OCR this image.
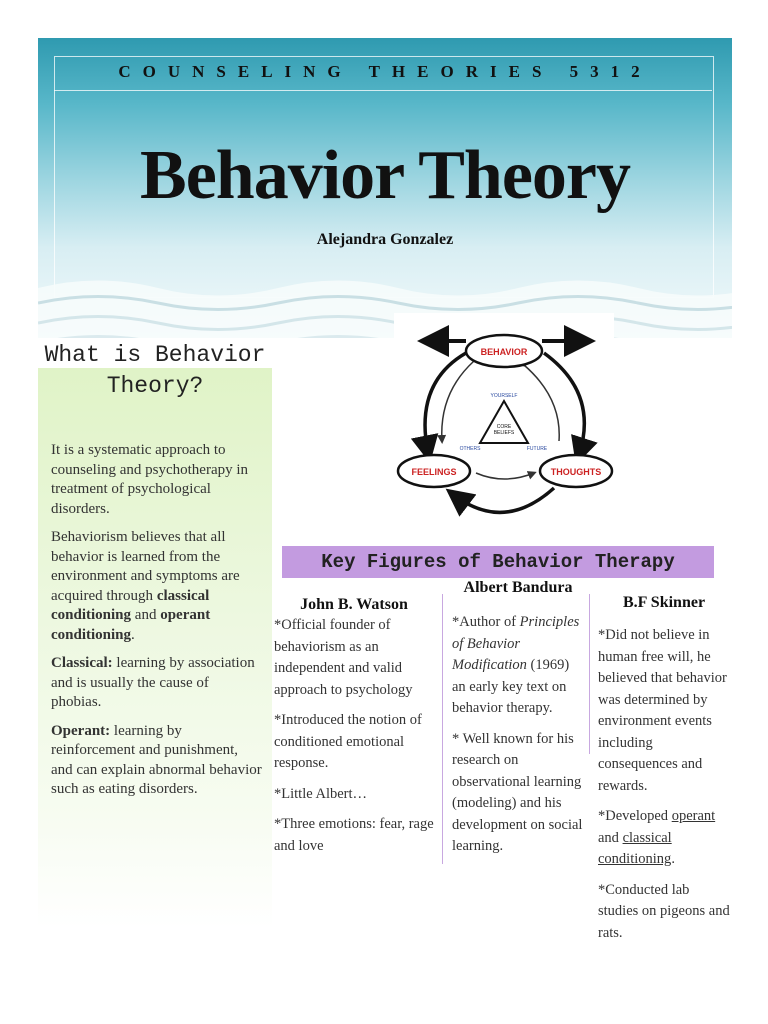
COUNSELING THEORIES 5312
Behavior Theory
Alejandra Gonzalez
What is Behavior Theory?

It is a systematic approach to counseling and psychotherapy in treatment of psychological disorders.

Behaviorism believes that all behavior is learned from the environment and symptoms are acquired through classical conditioning and operant conditioning.

Classical: learning by association and is usually the cause of phobias.

Operant: learning by reinforcement and punishment, and can explain abnormal behavior such as eating disorders.

BEHAVIOR
FEELINGS	THOUGHTS
CORE
BELIEFS
YOURSELF
OTHERS	FUTURE
Key Figures of Behavior Therapy
John B. Watson

*Official founder of behaviorism as an independent and valid approach to psychology

*Introduced the notion of conditioned emotional response.

*Little Albert…

*Three emotions: fear, rage and love

Albert Bandura

*Author of Principles of Behavior Modification (1969) an early key text on behavior therapy.

* Well known for his research on observational learning (modeling) and his development on social learning.

B.F Skinner

*Did not believe in human free will, he believed that behavior was determined by environment events including consequences and rewards.

*Developed operant and classical conditioning.

*Conducted lab studies on pigeons and rats.
